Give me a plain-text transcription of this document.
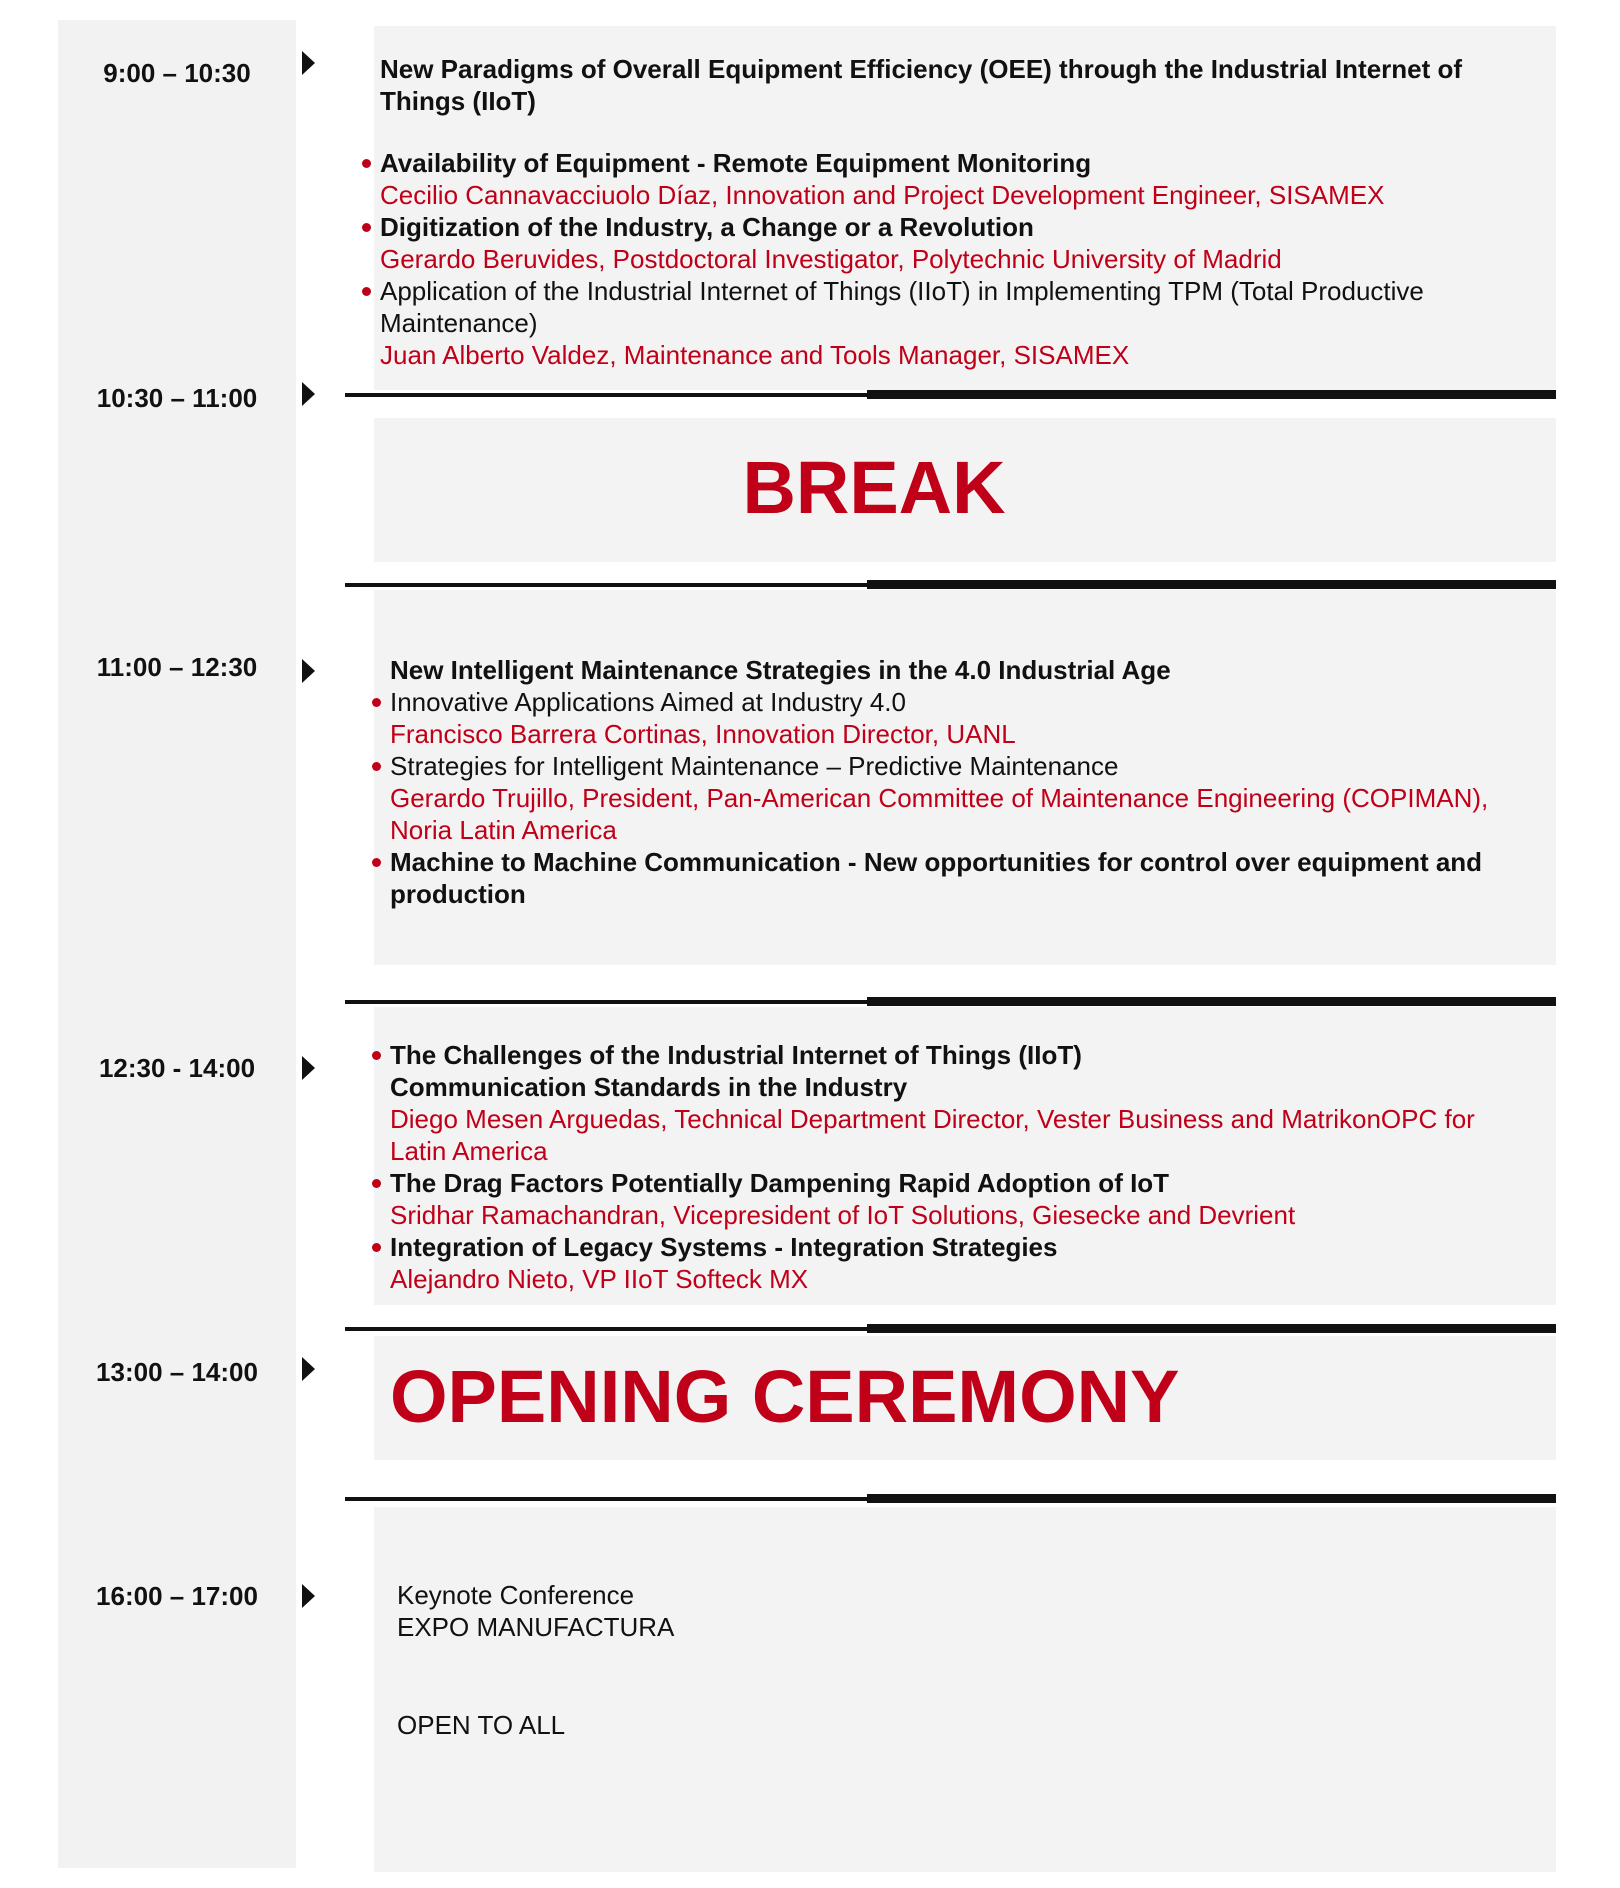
9:00 – 10:30
10:30 – 11:00
11:00 – 12:30
12:30 - 14:00
13:00 – 14:00
16:00 – 17:00
New Paradigms of Overall Equipment Efficiency (OEE) through the Industrial Internet of Things (IIoT)
Availability of Equipment - Remote Equipment Monitoring
Cecilio Cannavacciuolo Díaz, Innovation and Project Development Engineer, SISAMEX
Digitization of the Industry, a Change or a Revolution
Gerardo Beruvides, Postdoctoral Investigator, Polytechnic University of Madrid
Application of the Industrial Internet of Things (IIoT) in Implementing TPM (Total Productive Maintenance)
Juan Alberto Valdez, Maintenance and Tools Manager, SISAMEX
BREAK
New Intelligent Maintenance Strategies in the 4.0 Industrial Age
Innovative Applications Aimed at Industry 4.0
Francisco Barrera Cortinas, Innovation Director, UANL
Strategies for Intelligent Maintenance – Predictive Maintenance
Gerardo Trujillo, President, Pan-American Committee of Maintenance Engineering (COPIMAN), Noria Latin America
Machine to Machine Communication - New opportunities for control over equipment and production
The Challenges of the Industrial Internet of Things (IIoT) Communication Standards in the Industry
Diego Mesen Arguedas, Technical Department Director, Vester Business and MatrikonOPC for Latin America
The Drag Factors Potentially Dampening Rapid Adoption of IoT
Sridhar Ramachandran, Vicepresident of IoT Solutions, Giesecke and Devrient
Integration of Legacy Systems - Integration Strategies
Alejandro Nieto, VP IIoT Softeck MX
OPENING CEREMONY
Keynote Conference
EXPO MANUFACTURA
OPEN TO ALL
